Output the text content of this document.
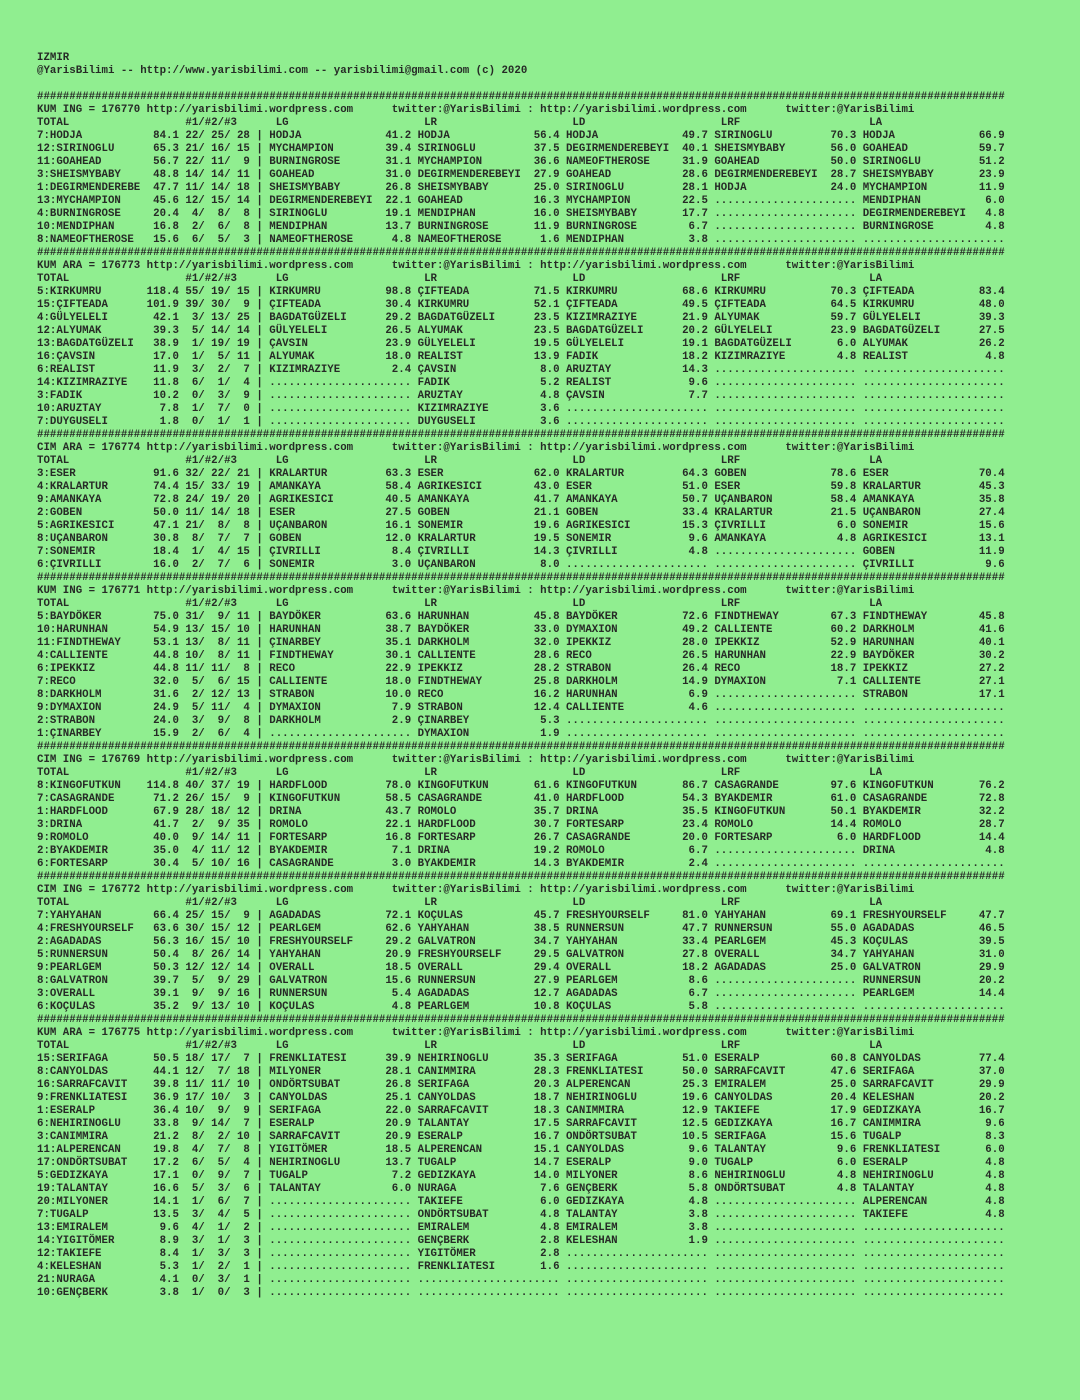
IZMIR
@YarisBilimi -- http://www.yarisbilimi.com -- yarisbilimi@gmail.com (c) 2020

######################################################################################################################################################
KUM ING = 176770 http://yarisbilimi.wordpress.com      twitter:@YarisBilimi : http://yarisbilimi.wordpress.com      twitter:@YarisBilimi
TOTAL                  #1/#2/#3      LG                     LR                     LD                     LRF                    LA
7:HODJA           84.1 22/ 25/ 28 | HODJA             41.2 HODJA             56.4 HODJA             49.7 SIRINOGLU         70.3 HODJA             66.9
12:SIRINOGLU      65.3 21/ 16/ 15 | MYCHAMPION        39.4 SIRINOGLU         37.5 DEGIRMENDEREBEYI  40.1 SHEISMYBABY       56.0 GOAHEAD           59.7
11:GOAHEAD        56.7 22/ 11/  9 | BURNINGROSE       31.1 MYCHAMPION        36.6 NAMEOFTHEROSE     31.9 GOAHEAD           50.0 SIRINOGLU         51.2
3:SHEISMYBABY     48.8 14/ 14/ 11 | GOAHEAD           31.0 DEGIRMENDEREBEYI  27.9 GOAHEAD           28.6 DEGIRMENDEREBEYI  28.7 SHEISMYBABY       23.9
1:DEGIRMENDEREBE  47.7 11/ 14/ 18 | SHEISMYBABY       26.8 SHEISMYBABY       25.0 SIRINOGLU         28.1 HODJA             24.0 MYCHAMPION        11.9
13:MYCHAMPION     45.6 12/ 15/ 14 | DEGIRMENDEREBEYI  22.1 GOAHEAD           16.3 MYCHAMPION        22.5 ...................... MENDIPHAN          6.0
4:BURNINGROSE     20.4  4/  8/  8 | SIRINOGLU         19.1 MENDIPHAN         16.0 SHEISMYBABY       17.7 ...................... DEGIRMENDEREBEYI   4.8
10:MENDIPHAN      16.8  2/  6/  8 | MENDIPHAN         13.7 BURNINGROSE       11.9 BURNINGROSE        6.7 ...................... BURNINGROSE        4.8
8:NAMEOFTHEROSE   15.6  6/  5/  3 | NAMEOFTHEROSE      4.8 NAMEOFTHEROSE      1.6 MENDIPHAN          3.8 ...................... ......................
######################################################################################################################################################
KUM ARA = 176773 http://yarisbilimi.wordpress.com      twitter:@YarisBilimi : http://yarisbilimi.wordpress.com      twitter:@YarisBilimi
TOTAL                  #1/#2/#3      LG                     LR                     LD                     LRF                    LA
5:KIRKUMRU       118.4 55/ 19/ 15 | KIRKUMRU          98.8 ÇIFTEADA          71.5 KIRKUMRU          68.6 KIRKUMRU          70.3 ÇIFTEADA          83.4
15:ÇIFTEADA      101.9 39/ 30/  9 | ÇIFTEADA          30.4 KIRKUMRU          52.1 ÇIFTEADA          49.5 ÇIFTEADA          64.5 KIRKUMRU          48.0
4:GÜLYELELI       42.1  3/ 13/ 25 | BAGDATGÜZELI      29.2 BAGDATGÜZELI      23.5 KIZIMRAZIYE       21.9 ALYUMAK           59.7 GÜLYELELI         39.3
12:ALYUMAK        39.3  5/ 14/ 14 | GÜLYELELI         26.5 ALYUMAK           23.5 BAGDATGÜZELI      20.2 GÜLYELELI         23.9 BAGDATGÜZELI      27.5
13:BAGDATGÜZELI   38.9  1/ 19/ 19 | ÇAVSIN            23.9 GÜLYELELI         19.5 GÜLYELELI         19.1 BAGDATGÜZELI       6.0 ALYUMAK           26.2
16:ÇAVSIN         17.0  1/  5/ 11 | ALYUMAK           18.0 REALIST           13.9 FADIK             18.2 KIZIMRAZIYE        4.8 REALIST            4.8
6:REALIST         11.9  3/  2/  7 | KIZIMRAZIYE        2.4 ÇAVSIN             8.0 ARUZTAY           14.3 ...................... ......................
14:KIZIMRAZIYE    11.8  6/  1/  4 | ...................... FADIK              5.2 REALIST            9.6 ...................... ......................
3:FADIK           10.2  0/  3/  9 | ...................... ARUZTAY            4.8 ÇAVSIN             7.7 ...................... ......................
10:ARUZTAY         7.8  1/  7/  0 | ...................... KIZIMRAZIYE        3.6 ...................... ...................... ......................
7:DUYGUSELI        1.8  0/  1/  1 | ...................... DUYGUSELI          3.6 ...................... ...................... ......................
######################################################################################################################################################
CIM ARA = 176774 http://yarisbilimi.wordpress.com      twitter:@YarisBilimi : http://yarisbilimi.wordpress.com      twitter:@YarisBilimi
TOTAL                  #1/#2/#3      LG                     LR                     LD                     LRF                    LA
3:ESER            91.6 32/ 22/ 21 | KRALARTUR         63.3 ESER              62.0 KRALARTUR         64.3 GOBEN             78.6 ESER              70.4
4:KRALARTUR       74.4 15/ 33/ 19 | AMANKAYA          58.4 AGRIKESICI        43.0 ESER              51.0 ESER              59.8 KRALARTUR         45.3
9:AMANKAYA        72.8 24/ 19/ 20 | AGRIKESICI        40.5 AMANKAYA          41.7 AMANKAYA          50.7 UÇANBARON         58.4 AMANKAYA          35.8
2:GOBEN           50.0 11/ 14/ 18 | ESER              27.5 GOBEN             21.1 GOBEN             33.4 KRALARTUR         21.5 UÇANBARON         27.4
5:AGRIKESICI      47.1 21/  8/  8 | UÇANBARON         16.1 SONEMIR           19.6 AGRIKESICI        15.3 ÇIVRILLI           6.0 SONEMIR           15.6
8:UÇANBARON       30.8  8/  7/  7 | GOBEN             12.0 KRALARTUR         19.5 SONEMIR            9.6 AMANKAYA           4.8 AGRIKESICI        13.1
7:SONEMIR         18.4  1/  4/ 15 | ÇIVRILLI           8.4 ÇIVRILLI          14.3 ÇIVRILLI           4.8 ...................... GOBEN             11.9
6:ÇIVRILLI        16.0  2/  7/  6 | SONEMIR            3.0 UÇANBARON          8.0 ...................... ...................... ÇIVRILLI           9.6
######################################################################################################################################################
KUM ING = 176771 http://yarisbilimi.wordpress.com      twitter:@YarisBilimi : http://yarisbilimi.wordpress.com      twitter:@YarisBilimi
TOTAL                  #1/#2/#3      LG                     LR                     LD                     LRF                    LA
5:BAYDÖKER        75.0 31/  9/ 11 | BAYDÖKER          63.6 HARUNHAN          45.8 BAYDÖKER          72.6 FINDTHEWAY        67.3 FINDTHEWAY        45.8
10:HARUNHAN       54.9 13/ 15/ 10 | HARUNHAN          38.7 BAYDÖKER          33.0 DYMAXION          49.2 CALLIENTE         60.2 DARKHOLM          41.6
11:FINDTHEWAY     53.1 13/  8/ 11 | ÇINARBEY          35.1 DARKHOLM          32.0 IPEKKIZ           28.0 IPEKKIZ           52.9 HARUNHAN          40.1
4:CALLIENTE       44.8 10/  8/ 11 | FINDTHEWAY        30.1 CALLIENTE         28.6 RECO              26.5 HARUNHAN          22.9 BAYDÖKER          30.2
6:IPEKKIZ         44.8 11/ 11/  8 | RECO              22.9 IPEKKIZ           28.2 STRABON           26.4 RECO              18.7 IPEKKIZ           27.2
7:RECO            32.0  5/  6/ 15 | CALLIENTE         18.0 FINDTHEWAY        25.8 DARKHOLM          14.9 DYMAXION           7.1 CALLIENTE         27.1
8:DARKHOLM        31.6  2/ 12/ 13 | STRABON           10.0 RECO              16.2 HARUNHAN           6.9 ...................... STRABON           17.1
9:DYMAXION        24.9  5/ 11/  4 | DYMAXION           7.9 STRABON           12.4 CALLIENTE          4.6 ...................... ......................
2:STRABON         24.0  3/  9/  8 | DARKHOLM           2.9 ÇINARBEY           5.3 ...................... ...................... ......................
1:ÇINARBEY        15.9  2/  6/  4 | ...................... DYMAXION           1.9 ...................... ...................... ......................
######################################################################################################################################################
CIM ING = 176769 http://yarisbilimi.wordpress.com      twitter:@YarisBilimi : http://yarisbilimi.wordpress.com      twitter:@YarisBilimi
TOTAL                  #1/#2/#3      LG                     LR                     LD                     LRF                    LA
8:KINGOFUTKUN    114.8 40/ 37/ 19 | HARDFLOOD         78.0 KINGOFUTKUN       61.6 KINGOFUTKUN       86.7 CASAGRANDE        97.6 KINGOFUTKUN       76.2
7:CASAGRANDE      71.2 26/ 15/  9 | KINGOFUTKUN       58.5 CASAGRANDE        41.0 HARDFLOOD         54.3 BYAKDEMIR         61.0 CASAGRANDE        72.8
1:HARDFLOOD       67.9 28/ 18/ 12 | DRINA             43.7 ROMOLO            35.7 DRINA             35.5 KINGOFUTKUN       50.1 BYAKDEMIR         32.2
3:DRINA           41.7  2/  9/ 35 | ROMOLO            22.1 HARDFLOOD         30.7 FORTESARP         23.4 ROMOLO            14.4 ROMOLO            28.7
9:ROMOLO          40.0  9/ 14/ 11 | FORTESARP         16.8 FORTESARP         26.7 CASAGRANDE        20.0 FORTESARP          6.0 HARDFLOOD         14.4
2:BYAKDEMIR       35.0  4/ 11/ 12 | BYAKDEMIR          7.1 DRINA             19.2 ROMOLO             6.7 ...................... DRINA              4.8
6:FORTESARP       30.4  5/ 10/ 16 | CASAGRANDE         3.0 BYAKDEMIR         14.3 BYAKDEMIR          2.4 ...................... ......................
######################################################################################################################################################
CIM ING = 176772 http://yarisbilimi.wordpress.com      twitter:@YarisBilimi : http://yarisbilimi.wordpress.com      twitter:@YarisBilimi
TOTAL                  #1/#2/#3      LG                     LR                     LD                     LRF                    LA
7:YAHYAHAN        66.4 25/ 15/  9 | AGADADAS          72.1 KOÇULAS           45.7 FRESHYOURSELF     81.0 YAHYAHAN          69.1 FRESHYOURSELF     47.7
4:FRESHYOURSELF   63.6 30/ 15/ 12 | PEARLGEM          62.6 YAHYAHAN          38.5 RUNNERSUN         47.7 RUNNERSUN         55.0 AGADADAS          46.5
2:AGADADAS        56.3 16/ 15/ 10 | FRESHYOURSELF     29.2 GALVATRON         34.7 YAHYAHAN          33.4 PEARLGEM          45.3 KOÇULAS           39.5
5:RUNNERSUN       50.4  8/ 26/ 14 | YAHYAHAN          20.9 FRESHYOURSELF     29.5 GALVATRON         27.8 OVERALL           34.7 YAHYAHAN          31.0
9:PEARLGEM        50.3 12/ 12/ 14 | OVERALL           18.5 OVERALL           29.4 OVERALL           18.2 AGADADAS          25.0 GALVATRON         29.9
8:GALVATRON       39.7  5/  9/ 29 | GALVATRON         15.6 RUNNERSUN         27.9 PEARLGEM           8.6 ...................... RUNNERSUN         20.2
3:OVERALL         39.1  9/  9/ 16 | RUNNERSUN          5.4 AGADADAS          12.7 AGADADAS           6.7 ...................... PEARLGEM          14.4
6:KOÇULAS         35.2  9/ 13/ 10 | KOÇULAS            4.8 PEARLGEM          10.8 KOÇULAS            5.8 ...................... ......................
######################################################################################################################################################
KUM ARA = 176775 http://yarisbilimi.wordpress.com      twitter:@YarisBilimi : http://yarisbilimi.wordpress.com      twitter:@YarisBilimi
TOTAL                  #1/#2/#3      LG                     LR                     LD                     LRF                    LA
15:SERIFAGA       50.5 18/ 17/  7 | FRENKLIATESI      39.9 NEHIRINOGLU       35.3 SERIFAGA          51.0 ESERALP           60.8 CANYOLDAS         77.4
8:CANYOLDAS       44.1 12/  7/ 18 | MILYONER          28.1 CANIMMIRA         28.3 FRENKLIATESI      50.0 SARRAFCAVIT       47.6 SERIFAGA          37.0
16:SARRAFCAVIT    39.8 11/ 11/ 10 | ONDÖRTSUBAT       26.8 SERIFAGA          20.3 ALPERENCAN        25.3 EMIRALEM          25.0 SARRAFCAVIT       29.9
9:FRENKLIATESI    36.9 17/ 10/  3 | CANYOLDAS         25.1 CANYOLDAS         18.7 NEHIRINOGLU       19.6 CANYOLDAS         20.4 KELESHAN          20.2
1:ESERALP         36.4 10/  9/  9 | SERIFAGA          22.0 SARRAFCAVIT       18.3 CANIMMIRA         12.9 TAKIEFE           17.9 GEDIZKAYA         16.7
6:NEHIRINOGLU     33.8  9/ 14/  7 | ESERALP           20.9 TALANTAY          17.5 SARRAFCAVIT       12.5 GEDIZKAYA         16.7 CANIMMIRA          9.6
3:CANIMMIRA       21.2  8/  2/ 10 | SARRAFCAVIT       20.9 ESERALP           16.7 ONDÖRTSUBAT       10.5 SERIFAGA          15.6 TUGALP             8.3
11:ALPERENCAN     19.8  4/  7/  8 | YIGITÖMER         18.5 ALPERENCAN        15.1 CANYOLDAS          9.6 TALANTAY           9.6 FRENKLIATESI       6.0
17:ONDÖRTSUBAT    17.2  6/  5/  4 | NEHIRINOGLU       13.7 TUGALP            14.7 ESERALP            9.0 TUGALP             6.0 ESERALP            4.8
5:GEDIZKAYA       17.1  0/  9/  7 | TUGALP             7.2 GEDIZKAYA         14.0 MILYONER           8.6 NEHIRINOGLU        4.8 NEHIRINOGLU        4.8
19:TALANTAY       16.6  5/  3/  6 | TALANTAY           6.0 NURAGA             7.6 GENÇBERK           5.8 ONDÖRTSUBAT        4.8 TALANTAY           4.8
20:MILYONER       14.1  1/  6/  7 | ...................... TAKIEFE            6.0 GEDIZKAYA          4.8 ...................... ALPERENCAN         4.8
7:TUGALP          13.5  3/  4/  5 | ...................... ONDÖRTSUBAT        4.8 TALANTAY           3.8 ...................... TAKIEFE            4.8
13:EMIRALEM        9.6  4/  1/  2 | ...................... EMIRALEM           4.8 EMIRALEM           3.8 ...................... ......................
14:YIGITÖMER       8.9  3/  1/  3 | ...................... GENÇBERK           2.8 KELESHAN           1.9 ...................... ......................
12:TAKIEFE         8.4  1/  3/  3 | ...................... YIGITÖMER          2.8 ...................... ...................... ......................
4:KELESHAN         5.3  1/  2/  1 | ...................... FRENKLIATESI       1.6 ...................... ...................... ......................
21:NURAGA          4.1  0/  3/  1 | ...................... ...................... ...................... ...................... ......................
10:GENÇBERK        3.8  1/  0/  3 | ...................... ...................... ...................... ...................... ......................
